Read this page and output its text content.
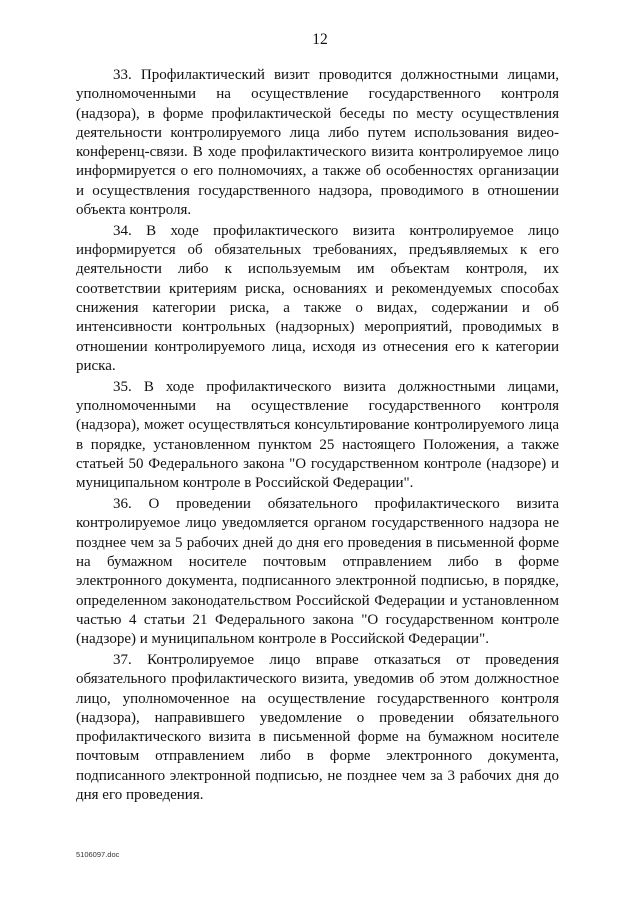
12

33. Профилактический визит проводится должностными лицами, уполномоченными на осуществление государственного контроля (надзора), в форме профилактической беседы по месту осуществления деятельности контролируемого лица либо путем использования видео-конференц-связи. В ходе профилактического визита контролируемое лицо информируется о его полномочиях, а также об особенностях организации и осуществления государственного надзора, проводимого в отношении объекта контроля.

34. В ходе профилактического визита контролируемое лицо информируется об обязательных требованиях, предъявляемых к его деятельности либо к используемым им объектам контроля, их соответствии критериям риска, основаниях и рекомендуемых способах снижения категории риска, а также о видах, содержании и об интенсивности контрольных (надзорных) мероприятий, проводимых в отношении контролируемого лица, исходя из отнесения его к категории риска.

35. В ходе профилактического визита должностными лицами, уполномоченными на осуществление государственного контроля (надзора), может осуществляться консультирование контролируемого лица в порядке, установленном пунктом 25 настоящего Положения, а также статьей 50 Федерального закона "О государственном контроле (надзоре) и муниципальном контроле в Российской Федерации".

36. О проведении обязательного профилактического визита контролируемое лицо уведомляется органом государственного надзора не позднее чем за 5 рабочих дней до дня его проведения в письменной форме на бумажном носителе почтовым отправлением либо в форме электронного документа, подписанного электронной подписью, в порядке, определенном законодательством Российской Федерации и установленном частью 4 статьи 21 Федерального закона "О государственном контроле (надзоре) и муниципальном контроле в Российской Федерации".

37. Контролируемое лицо вправе отказаться от проведения обязательного профилактического визита, уведомив об этом должностное лицо, уполномоченное на осуществление государственного контроля (надзора), направившего уведомление о проведении обязательного профилактического визита в письменной форме на бумажном носителе почтовым отправлением либо в форме электронного документа, подписанного электронной подписью, не позднее чем за 3 рабочих дня до дня его проведения.

5106097.doc
